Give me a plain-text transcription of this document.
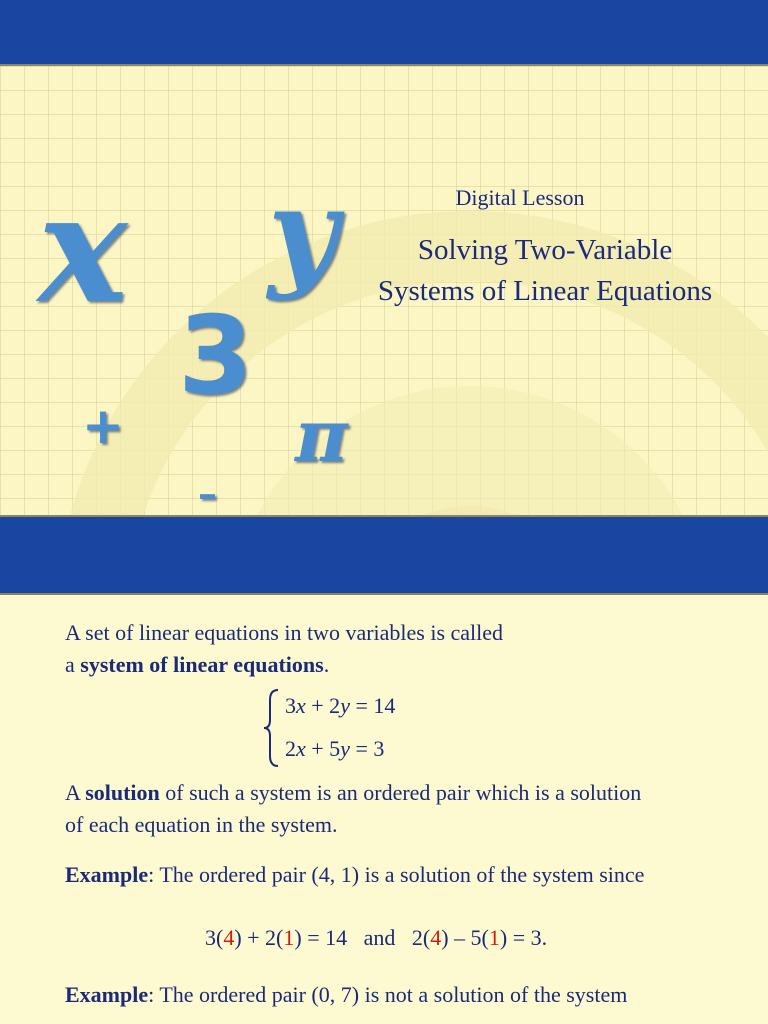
x y
3
+ π
–
Digital Lesson
Solving Two-Variable
Systems of Linear Equations
A set of linear equations in two variables is called
a system of linear equations.
3x + 2y = 14
2x + 5y = 3
A solution of such a system is an ordered pair which is a solution
of each equation in the system.
Example: The ordered pair (4, 1) is a solution of the system since
3(4) + 2(1) = 14   and   2(4) – 5(1) = 3.
Example: The ordered pair (0, 7) is not a solution of the system
